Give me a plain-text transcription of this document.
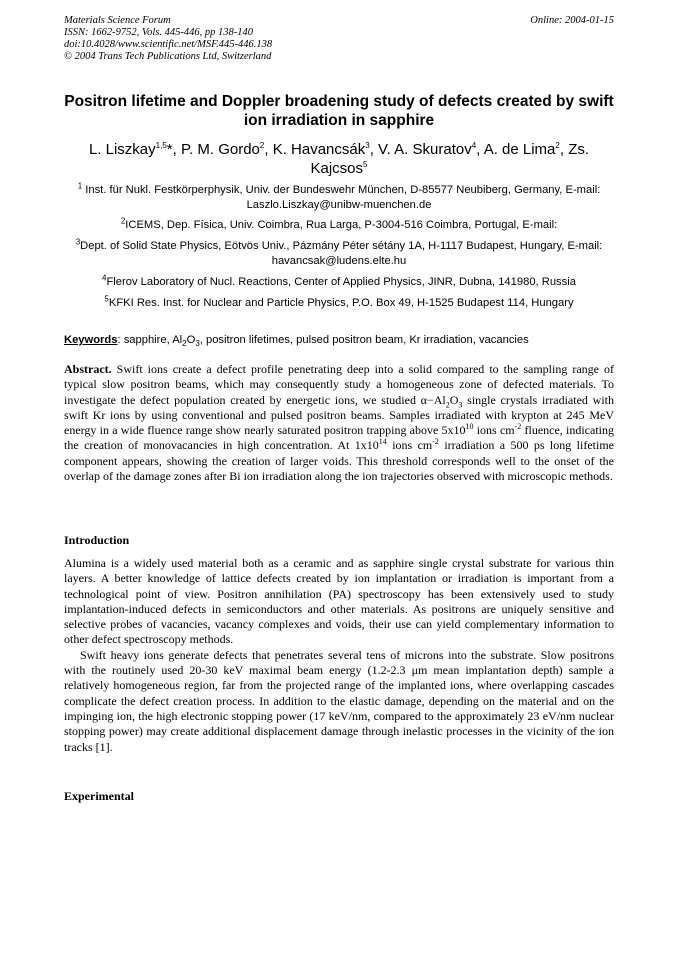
Materials Science Forum
ISSN: 1662-9752, Vols. 445-446, pp 138-140
doi:10.4028/www.scientific.net/MSF.445-446.138
© 2004 Trans Tech Publications Ltd, Switzerland
Online: 2004-01-15
Positron lifetime and Doppler broadening study of defects created by swift ion irradiation in sapphire
L. Liszkay$^{1,5}$*, P. M. Gordo$^2$, K. Havancsák$^3$, V. A. Skuratov$^4$, A. de Lima$^2$, Zs. Kajcsos$^5$
$^1$ Inst. für Nukl. Festkörperphysik, Univ. der Bundeswehr München, D-85577 Neubiberg, Germany, E-mail: Laszlo.Liszkay@unibw-muenchen.de
$^2$ICEMS, Dep. Física, Univ. Coimbra, Rua Larga, P-3004-516 Coimbra, Portugal, E-mail:
$^3$Dept. of Solid State Physics, Eötvös Univ., Pázmány Péter sétány 1A, H-1117 Budapest, Hungary, E-mail: havancsak@ludens.elte.hu
$^4$Flerov Laboratory of Nucl. Reactions, Center of Applied Physics, JINR, Dubna, 141980, Russia
$^5$KFKI Res. Inst. for Nuclear and Particle Physics, P.O. Box 49, H-1525 Budapest 114, Hungary
Keywords: sapphire, $Al_2O_3$, positron lifetimes, pulsed positron beam, Kr irradiation, vacancies
Abstract. Swift ions create a defect profile penetrating deep into a solid compared to the sampling range of typical slow positron beams, which may consequently study a homogeneous zone of defected materials. To investigate the defect population created by energetic ions, we studied $\alpha-Al_2O_3$ single crystals irradiated with swift Kr ions by using conventional and pulsed positron beams. Samples irradiated with krypton at 245 MeV energy in a wide fluence range show nearly saturated positron trapping above $5x10^{10}$ ions $cm^{-2}$ fluence, indicating the creation of monovacancies in high concentration. At $1x10^{14}$ ions $cm^{-2}$ irradiation a 500 ps long lifetime component appears, showing the creation of larger voids. This threshold corresponds well to the onset of the overlap of the damage zones after Bi ion irradiation along the ion trajectories observed with microscopic methods.
Introduction
Alumina is a widely used material both as a ceramic and as sapphire single crystal substrate for various thin layers. A better knowledge of lattice defects created by ion implantation or irradiation is important from a technological point of view. Positron annihilation (PA) spectroscopy has been extensively used to study implantation-induced defects in semiconductors and other materials. As positrons are uniquely sensitive and selective probes of vacancies, vacancy complexes and voids, their use can yield complementary information to other defect spectroscopy methods.
Swift heavy ions generate defects that penetrates several tens of microns into the substrate. Slow positrons with the routinely used 20-30 keV maximal beam energy (1.2-2.3 μm mean implantation depth) sample a relatively homogeneous region, far from the projected range of the implanted ions, where overlapping cascades complicate the defect creation process. In addition to the elastic damage, depending on the material and on the impinging ion, the high electronic stopping power (17 keV/nm, compared to the approximately 23 eV/nm nuclear stopping power) may create additional displacement damage through inelastic processes in the vicinity of the ion tracks [1].
Experimental
